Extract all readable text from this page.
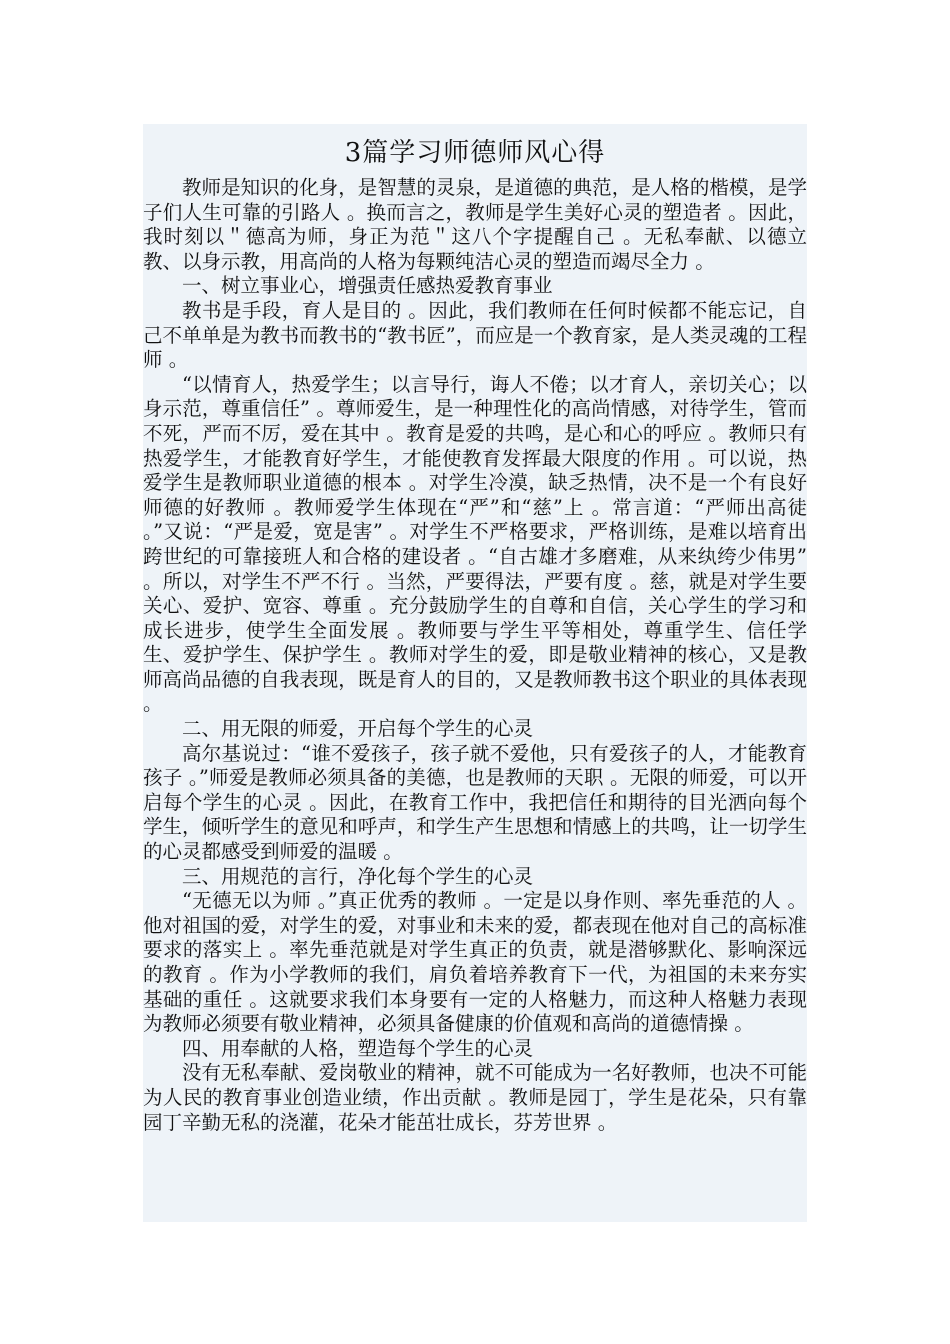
3篇学习师德师风心得

教师是知识的化身，是智慧的灵泉，是道德的典范，是人格的楷模，是学子们人生可靠的引路人 。换而言之，教师是学生美好心灵的塑造者 。因此，我时刻以＂德高为师，身正为范＂这八个字提醒自己 。无私奉献、以德立教、以身示教，用高尚的人格为每颗纯洁心灵的塑造而竭尽全力 。

一、树立事业心，增强责任感热爱教育事业

教书是手段，育人是目的 。因此，我们教师在任何时候都不能忘记，自己不单单是为教书而教书的“教书匠”，而应是一个教育家，是人类灵魂的工程师 。

“以情育人，热爱学生；以言导行，诲人不倦；以才育人，亲切关心；以身示范，尊重信任” 。尊师爱生，是一种理性化的高尚情感，对待学生，管而不死，严而不厉，爱在其中 。教育是爱的共鸣，是心和心的呼应 。教师只有热爱学生，才能教育好学生，才能使教育发挥最大限度的作用 。可以说，热爱学生是教师职业道德的根本 。对学生冷漠，缺乏热情，决不是一个有良好师德的好教师 。教师爱学生体现在“严”和“慈”上 。常言道：“严师出高徒 。”又说：“严是爱，宽是害” 。对学生不严格要求，严格训练，是难以培育出跨世纪的可靠接班人和合格的建设者 。“自古雄才多磨难，从来纨绔少伟男” 。所以，对学生不严不行 。当然，严要得法，严要有度 。慈，就是对学生要关心、爱护、宽容、尊重 。充分鼓励学生的自尊和自信，关心学生的学习和成长进步，使学生全面发展 。教师要与学生平等相处，尊重学生、信任学生、爱护学生、保护学生 。教师对学生的爱，即是敬业精神的核心，又是教师高尚品德的自我表现，既是育人的目的，又是教师教书这个职业的具体表现 。

二、用无限的师爱，开启每个学生的心灵

高尔基说过：“谁不爱孩子，孩子就不爱他，只有爱孩子的人，才能教育孩子 。”师爱是教师必须具备的美德，也是教师的天职 。无限的师爱，可以开启每个学生的心灵 。因此，在教育工作中，我把信任和期待的目光洒向每个学生，倾听学生的意见和呼声，和学生产生思想和情感上的共鸣，让一切学生的心灵都感受到师爱的温暖 。

三、用规范的言行，净化每个学生的心灵

“无德无以为师 。”真正优秀的教师 。一定是以身作则、率先垂范的人 。他对祖国的爱，对学生的爱，对事业和未来的爱，都表现在他对自己的高标准要求的落实上 。率先垂范就是对学生真正的负责，就是潜够默化、影响深远的教育 。作为小学教师的我们，肩负着培养教育下一代，为祖国的未来夯实基础的重任 。这就要求我们本身要有一定的人格魅力，而这种人格魅力表现为教师必须要有敬业精神，必须具备健康的价值观和高尚的道德情操 。

四、用奉献的人格，塑造每个学生的心灵

没有无私奉献、爱岗敬业的精神，就不可能成为一名好教师，也决不可能为人民的教育事业创造业绩，作出贡献 。教师是园丁，学生是花朵，只有靠园丁辛勤无私的浇灌，花朵才能茁壮成长，芬芳世界 。
